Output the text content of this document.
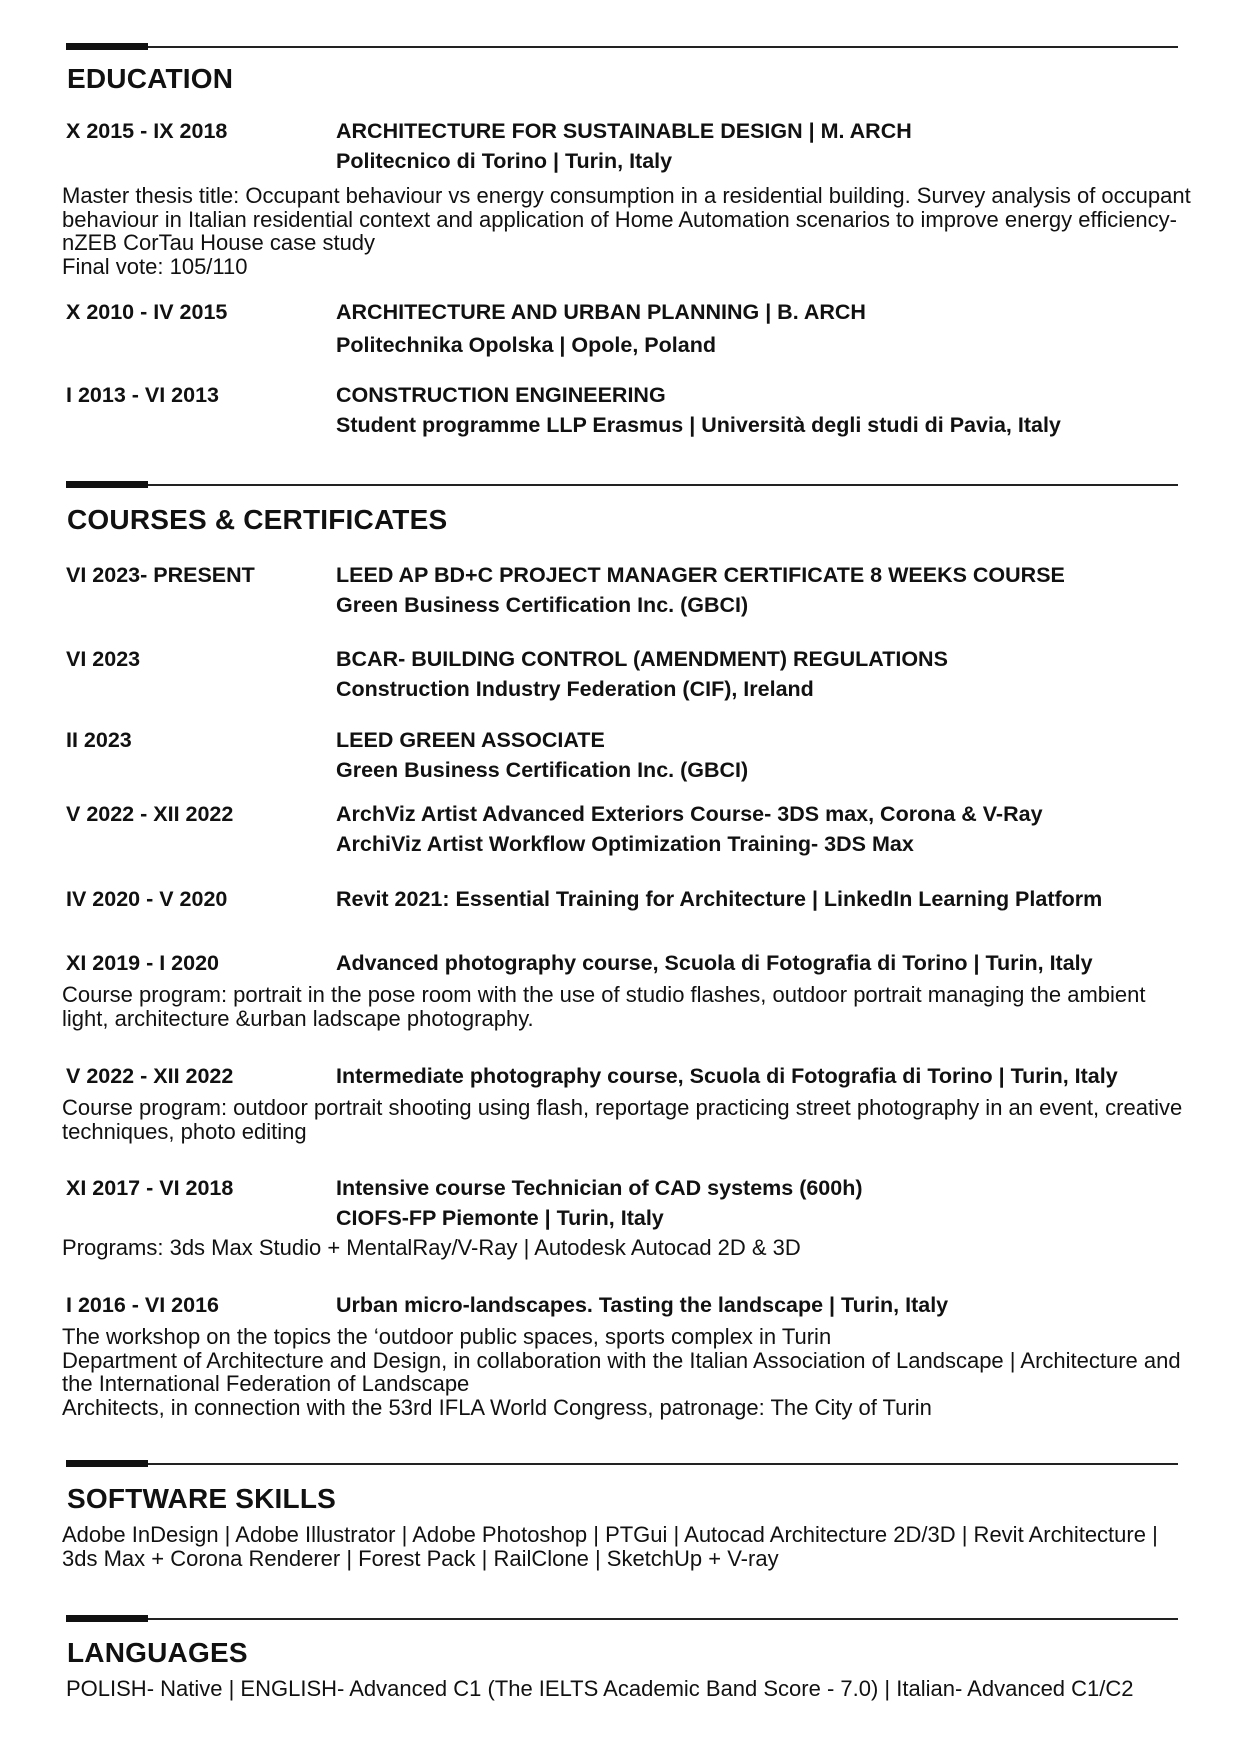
EDUCATION
X 2015 - IX 2018	ARCHITECTURE FOR SUSTAINABLE DESIGN | M. ARCH
Politecnico di Torino | Turin, Italy
Master thesis title: Occupant behaviour vs energy consumption in a residential building. Survey analysis of occupant behaviour in Italian residential context and application of Home Automation scenarios to improve energy efficiency- nZEB CorTau House case study
Final vote: 105/110
X 2010 - IV 2015	ARCHITECTURE AND URBAN PLANNING | B. ARCH
Politechnika Opolska | Opole, Poland
I 2013 - VI 2013	CONSTRUCTION ENGINEERING
Student programme LLP Erasmus | Università degli studi di Pavia, Italy
COURSES & CERTIFICATES
VI 2023- PRESENT	LEED AP BD+C PROJECT MANAGER CERTIFICATE 8 WEEKS COURSE
Green Business Certification Inc. (GBCI)
VI 2023	BCAR- BUILDING CONTROL (AMENDMENT) REGULATIONS
Construction Industry Federation (CIF), Ireland
II 2023	LEED GREEN ASSOCIATE
Green Business Certification Inc. (GBCI)
V 2022 - XII 2022	ArchViz Artist Advanced Exteriors Course- 3DS max, Corona & V-Ray
ArchiViz Artist Workflow Optimization Training- 3DS Max
IV 2020 - V 2020	Revit 2021: Essential Training for Architecture | LinkedIn Learning Platform
XI 2019 - I 2020	Advanced photography course, Scuola di Fotografia di Torino | Turin, Italy
Course program: portrait in the pose room with the use of studio flashes, outdoor portrait managing the ambient light, architecture &urban ladscape photography.
V 2022 - XII 2022	Intermediate photography course, Scuola di Fotografia di Torino | Turin, Italy
Course program: outdoor portrait shooting using flash, reportage practicing street photography in an event, creative techniques, photo editing
XI 2017 - VI 2018	Intensive course Technician of CAD systems (600h)
CIOFS-FP Piemonte | Turin, Italy
Programs: 3ds Max Studio + MentalRay/V-Ray | Autodesk Autocad 2D & 3D
I 2016 - VI 2016	Urban micro-landscapes. Tasting the landscape | Turin, Italy
The workshop on the topics the ‘outdoor public spaces, sports complex in Turin
Department of Architecture and Design, in collaboration with the Italian Association of Landscape | Architecture and the International Federation of Landscape
Architects, in connection with the 53rd IFLA World Congress, patronage: The City of Turin
SOFTWARE SKILLS
Adobe InDesign | Adobe Illustrator | Adobe Photoshop | PTGui | Autocad Architecture 2D/3D | Revit Architecture | 3ds Max + Corona Renderer | Forest Pack | RailClone | SketchUp + V-ray
LANGUAGES
POLISH- Native | ENGLISH- Advanced C1 (The IELTS Academic Band Score - 7.0) | Italian- Advanced C1/C2
